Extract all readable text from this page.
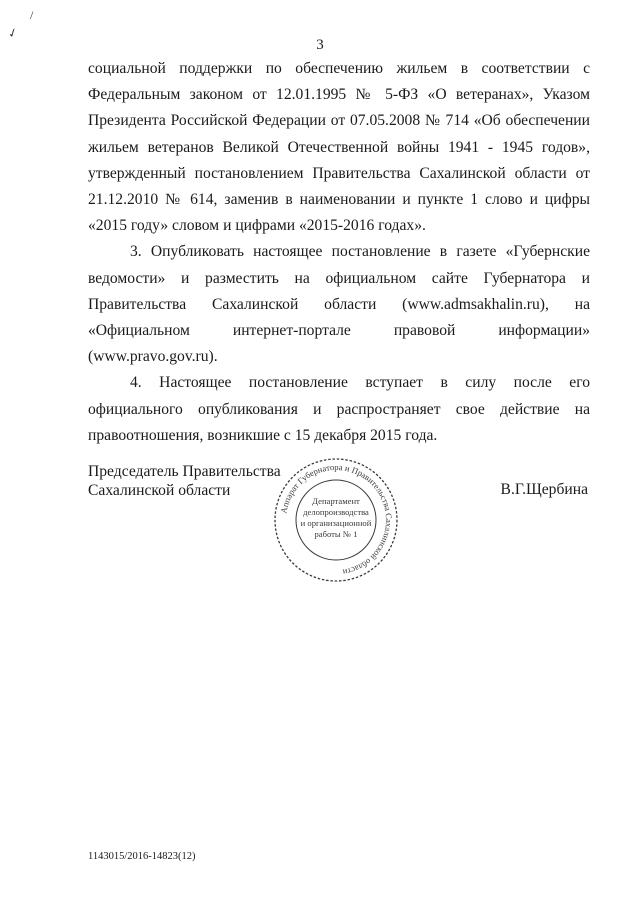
/
✓
3

социальной поддержки по обеспечению жильем в соответствии с Федеральным законом от 12.01.1995 № 5-ФЗ «О ветеранах», Указом Президента Российской Федерации от 07.05.2008 № 714 «Об обеспечении жильем ветеранов Великой Отечественной войны 1941 - 1945 годов», утвержденный постановлением Правительства Сахалинской области от 21.12.2010 № 614, заменив в наименовании и пункте 1 слово и цифры «2015 году» словом и цифрами «2015-2016 годах».

3. Опубликовать настоящее постановление в газете «Губернские ведомости» и разместить на официальном сайте Губернатора и Правительства Сахалинской области (www.admsakhalin.ru), на «Официальном интернет-портале правовой информации» (www.pravo.gov.ru).

4. Настоящее постановление вступает в силу после его официального опубликования и распространяет свое действие на правоотношения, возникшие с 15 декабря 2015 года.

Председатель Правительства
Сахалинской области	В.Г.Щербина
Аппарат Губернатора и Правительства Сахалинской области
Департамент
делопроизводства
и организационной
работы № 1
1143015/2016-14823(12)
